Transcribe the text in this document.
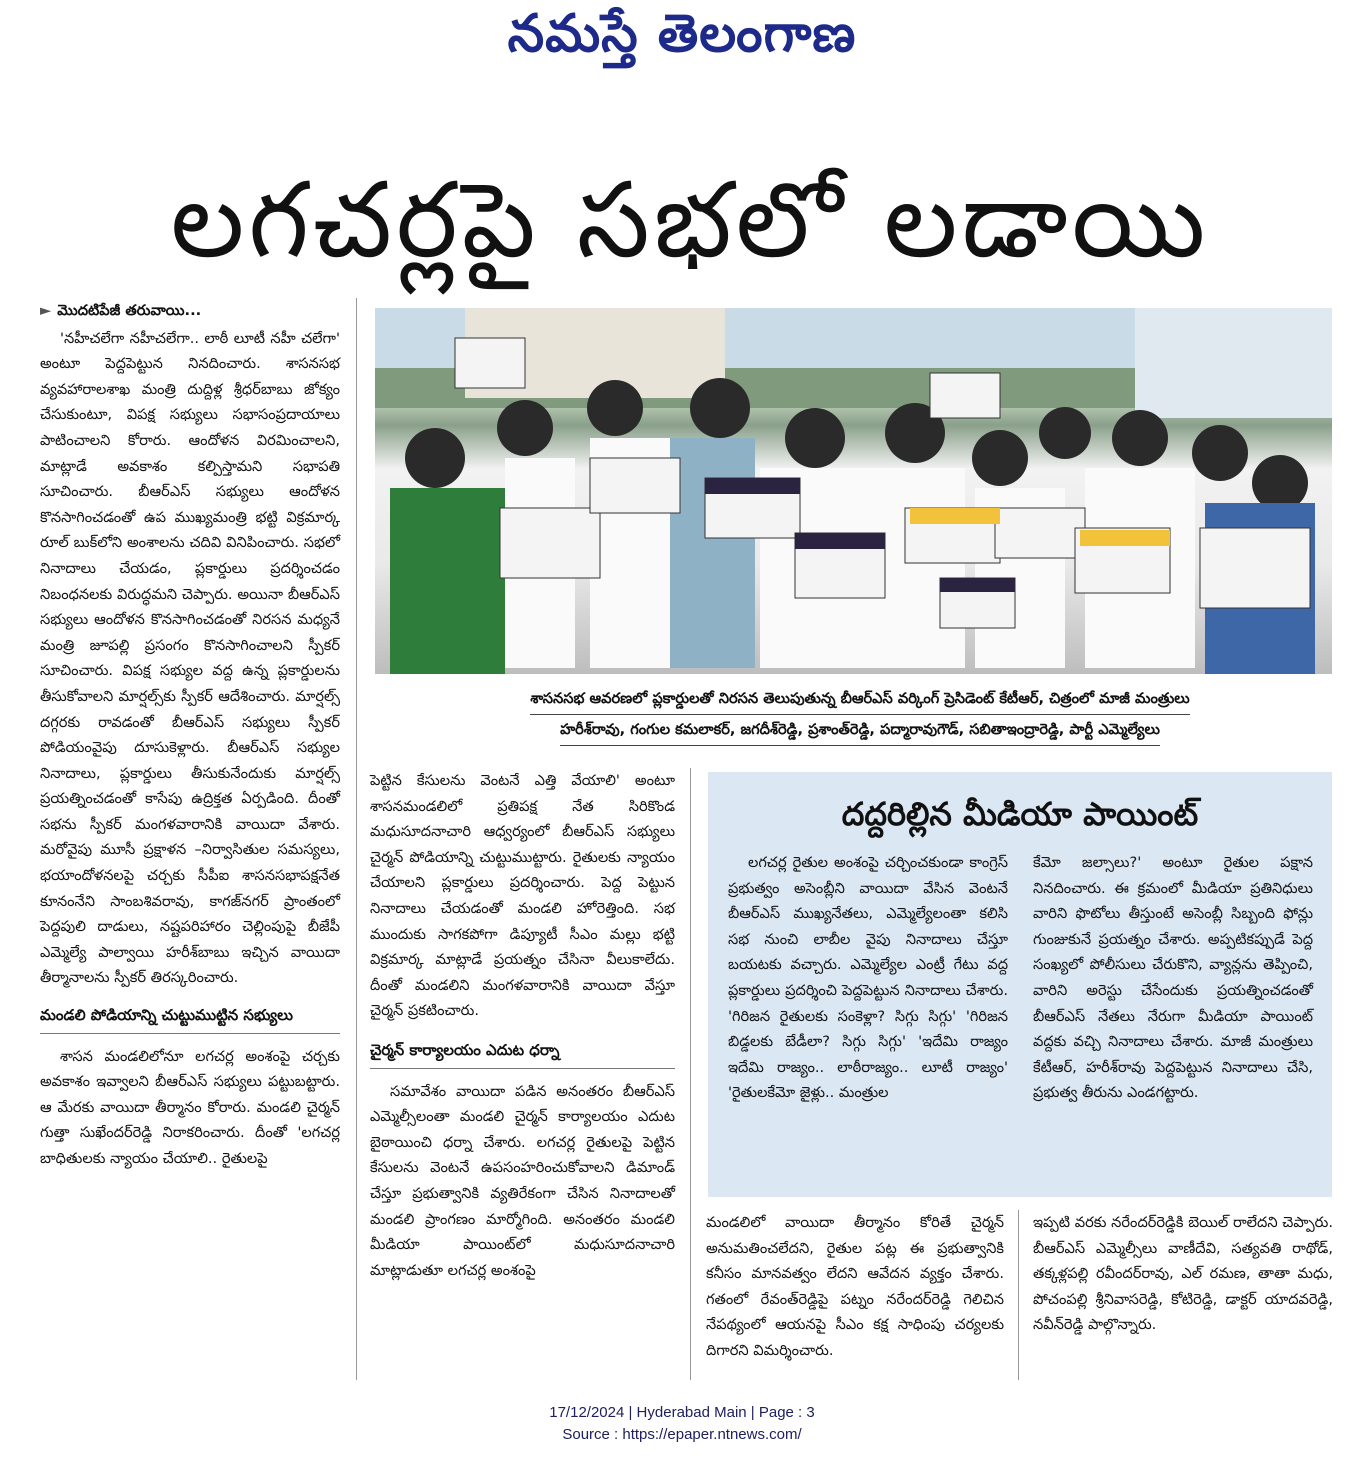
నమస్తే తెలంగాణ
లగచర్లపై సభలో లడాయి
► మొదటిపేజీ తరువాయి...

'నహీచలేగా నహీచలేగా.. లాఠీ లూటీ నహీ చలేగా' అంటూ పెద్దపెట్టున నినదించారు. శాసనసభ వ్యవహారాలశాఖ మంత్రి దుద్దిళ్ల శ్రీధర్‌బాబు జోక్యం చేసుకుంటూ, విపక్ష సభ్యులు సభాసంప్రదాయాలు పాటించాలని కోరారు. ఆందోళన విరమించాలని, మాట్లాడే అవకాశం కల్పిస్తామని సభాపతి సూచించారు. బీఆర్‌ఎస్ సభ్యులు ఆందోళన కొనసాగించడంతో ఉప ముఖ్యమంత్రి భట్టి విక్రమార్క రూల్ బుక్‌లోని అంశాలను చదివి వినిపించారు. సభలో నినాదాలు చేయడం, ప్లకార్డులు ప్రదర్శించడం నిబంధనలకు విరుద్ధమని చెప్పారు. అయినా బీఆర్‌ఎస్ సభ్యులు ఆందోళన కొనసాగించడంతో నిరసన మధ్యనే మంత్రి జూపల్లి ప్రసంగం కొనసాగించాలని స్పీకర్ సూచించారు. విపక్ష సభ్యుల వద్ద ఉన్న ప్లకార్డులను తీసుకోవాలని మార్షల్స్‌కు స్పీకర్ ఆదేశించారు. మార్షల్స్ దగ్గరకు రావడంతో బీఆర్‌ఎస్ సభ్యులు స్పీకర్ పోడియంవైపు దూసుకెళ్లారు. బీఆర్‌ఎస్ సభ్యుల నినాదాలు, ప్లకార్డులు తీసుకునేందుకు మార్షల్స్ ప్రయత్నించడంతో కాసేపు ఉద్రిక్తత ఏర్పడింది. దీంతో సభను స్పీకర్ మంగళవారానికి వాయిదా వేశారు. మరోవైపు మూసీ ప్రక్షాళన –నిర్వాసితుల సమస్యలు, భయాందోళనలపై చర్చకు సీపీఐ శాసనసభాపక్షనేత కూనంనేని సాంబశివరావు, కాగజ్‌నగర్ ప్రాంతంలో పెద్దపులి దాడులు, నష్టపరిహారం చెల్లింపుపై బీజేపీ ఎమ్మెల్యే పాల్వాయి హరీశ్‌బాబు ఇచ్చిన వాయిదా తీర్మానాలను స్పీకర్ తిరస్కరించారు.

మండలి పోడియాన్ని చుట్టుముట్టిన సభ్యులు

శాసన మండలిలోనూ లగచర్ల అంశంపై చర్చకు అవకాశం ఇవ్వాలని బీఆర్‌ఎస్ సభ్యులు పట్టుబట్టారు. ఆ మేరకు వాయిదా తీర్మానం కోరారు. మండలి చైర్మన్ గుత్తా సుఖేందర్‌రెడ్డి నిరాకరించారు. దీంతో 'లగచర్ల బాధితులకు న్యాయం చేయాలి.. రైతులపై

శాసనసభ ఆవరణలో ప్లకార్డులతో నిరసన తెలుపుతున్న బీఆర్‌ఎస్ వర్కింగ్ ప్రెసిడెంట్ కేటీఆర్, చిత్రంలో మాజీ మంత్రులు
హరీశ్‌రావు, గంగుల కమలాకర్, జగదీశ్‌రెడ్డి, ప్రశాంత్‌రెడ్డి, పద్మారావుగౌడ్, సబితాఇంద్రారెడ్డి, పార్టీ ఎమ్మెల్యేలు

పెట్టిన కేసులను వెంటనే ఎత్తి వేయాలి' అంటూ శాసనమండలిలో ప్రతిపక్ష నేత సిరికొండ మధుసూదనాచారి ఆధ్వర్యంలో బీఆర్‌ఎస్ సభ్యులు చైర్మన్ పోడియాన్ని చుట్టుముట్టారు. రైతులకు న్యాయం చేయాలని ప్లకార్డులు ప్రదర్శించారు. పెద్ద పెట్టున నినాదాలు చేయడంతో మండలి హోరెత్తింది. సభ ముందుకు సాగకపోగా డిప్యూటీ సీఎం మల్లు భట్టి విక్రమార్క మాట్లాడే ప్రయత్నం చేసినా వీలుకాలేదు. దీంతో మండలిని మంగళవారానికి వాయిదా వేస్తూ చైర్మన్ ప్రకటించారు.

చైర్మన్ కార్యాలయం ఎదుట ధర్నా

సమావేశం వాయిదా పడిన అనంతరం బీఆర్‌ఎస్ ఎమ్మెల్సీలంతా మండలి చైర్మన్ కార్యాలయం ఎదుట బైఠాయించి ధర్నా చేశారు. లగచర్ల రైతులపై పెట్టిన కేసులను వెంటనే ఉపసంహరించుకోవాలని డిమాండ్ చేస్తూ ప్రభుత్వానికి వ్యతిరేకంగా చేసిన నినాదాలతో మండలి ప్రాంగణం మార్మోగింది. అనంతరం మండలి మీడియా పాయింట్‌లో మధుసూదనాచారి మాట్లాడుతూ లగచర్ల అంశంపై

దద్దరిల్లిన మీడియా పాయింట్

లగచర్ల రైతుల అంశంపై చర్చించకుండా కాంగ్రెస్ ప్రభుత్వం అసెంబ్లీని వాయిదా వేసిన వెంటనే బీఆర్‌ఎస్ ముఖ్యనేతలు, ఎమ్మెల్యేలంతా కలిసి సభ నుంచి లాబీల వైపు నినాదాలు చేస్తూ బయటకు వచ్చారు. ఎమ్మెల్యేల ఎంట్రీ గేటు వద్ద ప్లకార్డులు ప్రదర్శించి పెద్దపెట్టున నినాదాలు చేశారు. 'గిరిజన రైతులకు సంకెళ్లా? సిగ్గు సిగ్గు' 'గిరిజన బిడ్డలకు బేడీలా? సిగ్గు సిగ్గు' 'ఇదేమి రాజ్యం ఇదేమి రాజ్యం.. లాఠీరాజ్యం.. లూటీ రాజ్యం' 'రైతులకేమో జైళ్లు.. మంత్రుల

కేమో జల్సాలు?' అంటూ రైతుల పక్షాన నినదించారు. ఈ క్రమంలో మీడియా ప్రతినిధులు వారిని ఫొటోలు తీస్తుంటే అసెంబ్లీ సిబ్బంది ఫోన్లు గుంజుకునే ప్రయత్నం చేశారు. అప్పటికప్పుడే పెద్ద సంఖ్యలో పోలీసులు చేరుకొని, వ్యాన్లను తెప్పించి, వారిని అరెస్టు చేసేందుకు ప్రయత్నించడంతో బీఆర్‌ఎస్ నేతలు నేరుగా మీడియా పాయింట్ వద్దకు వచ్చి నినాదాలు చేశారు. మాజీ మంత్రులు కేటీఆర్, హరీశ్‌రావు పెద్దపెట్టున నినాదాలు చేసి, ప్రభుత్వ తీరును ఎండగట్టారు.

మండలిలో వాయిదా తీర్మానం కోరితే చైర్మన్ అనుమతించలేదని, రైతుల పట్ల ఈ ప్రభుత్వానికి కనీసం మానవత్వం లేదని ఆవేదన వ్యక్తం చేశారు. గతంలో రేవంత్‌రెడ్డిపై పట్నం నరేందర్‌రెడ్డి గెలిచిన నేపథ్యంలో ఆయనపై సీఎం కక్ష సాధింపు చర్యలకు దిగారని విమర్శించారు.

ఇప్పటి వరకు నరేందర్‌రెడ్డికి బెయిల్ రాలేదని చెప్పారు. బీఆర్‌ఎస్ ఎమ్మెల్సీలు వాణీదేవి, సత్యవతి రాథోడ్, తక్కళ్లపల్లి రవీందర్‌రావు, ఎల్ రమణ, తాతా మధు, పోచంపల్లి శ్రీనివాసరెడ్డి, కోటిరెడ్డి, డాక్టర్ యాదవరెడ్డి, నవీన్‌రెడ్డి పాల్గొన్నారు.

17/12/2024 | Hyderabad Main | Page : 3
Source : https://epaper.ntnews.com/
